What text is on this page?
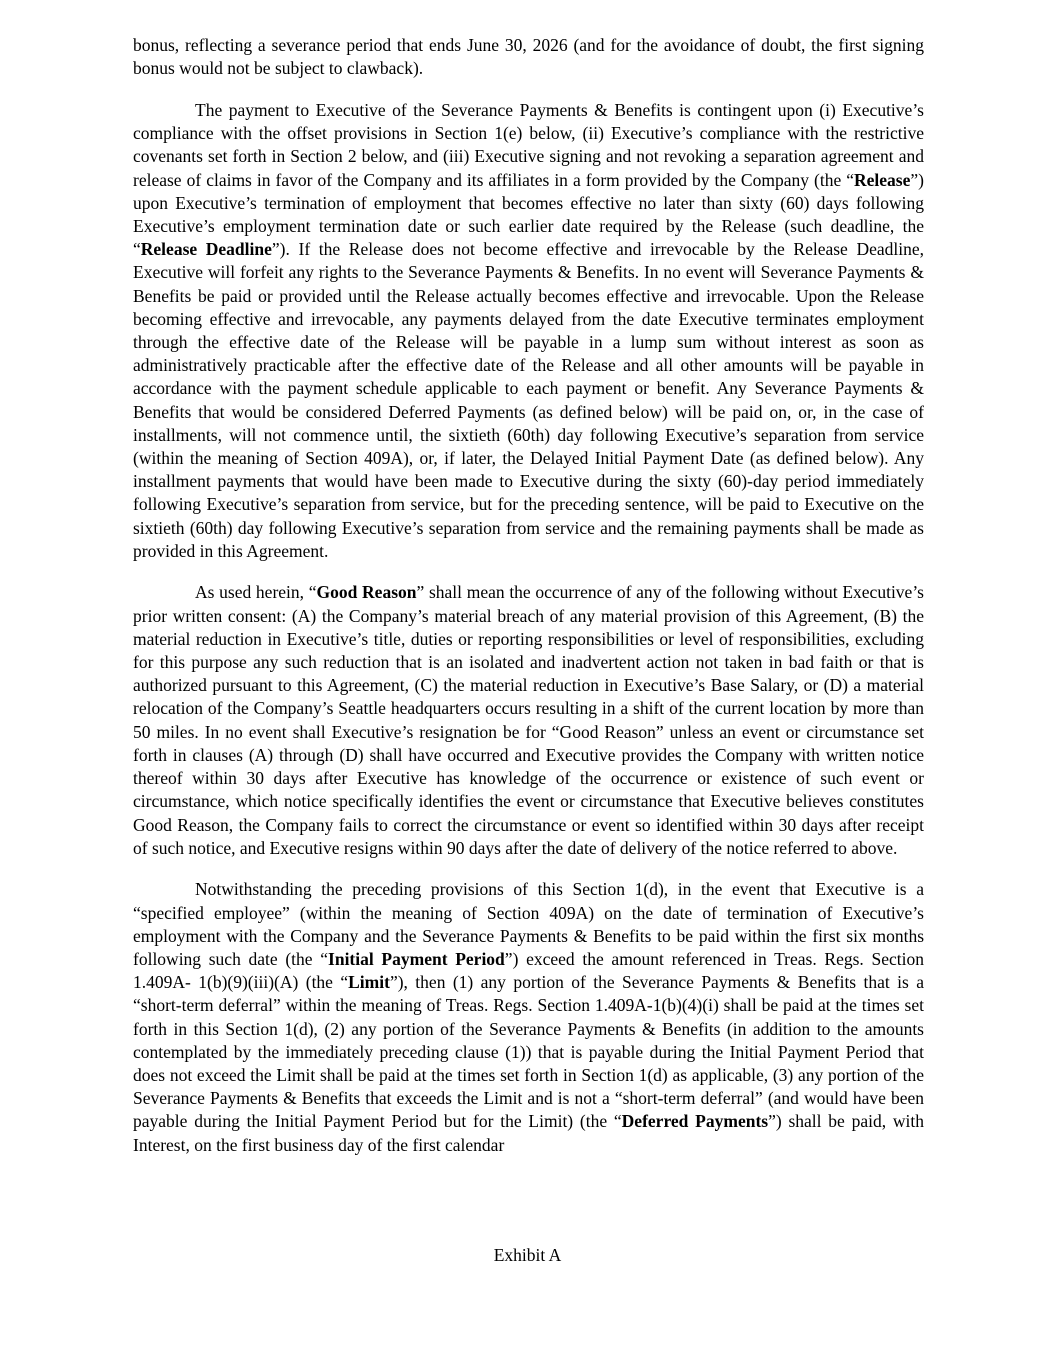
bonus, reflecting a severance period that ends June 30, 2026 (and for the avoidance of doubt, the first signing bonus would not be subject to clawback).

The payment to Executive of the Severance Payments & Benefits is contingent upon (i) Executive’s compliance with the offset provisions in Section 1(e) below, (ii) Executive’s compliance with the restrictive covenants set forth in Section 2 below, and (iii) Executive signing and not revoking a separation agreement and release of claims in favor of the Company and its affiliates in a form provided by the Company (the “Release”) upon Executive’s termination of employment that becomes effective no later than sixty (60) days following Executive’s employment termination date or such earlier date required by the Release (such deadline, the “Release Deadline”). If the Release does not become effective and irrevocable by the Release Deadline, Executive will forfeit any rights to the Severance Payments & Benefits. In no event will Severance Payments & Benefits be paid or provided until the Release actually becomes effective and irrevocable. Upon the Release becoming effective and irrevocable, any payments delayed from the date Executive terminates employment through the effective date of the Release will be payable in a lump sum without interest as soon as administratively practicable after the effective date of the Release and all other amounts will be payable in accordance with the payment schedule applicable to each payment or benefit. Any Severance Payments & Benefits that would be considered Deferred Payments (as defined below) will be paid on, or, in the case of installments, will not commence until, the sixtieth (60th) day following Executive’s separation from service (within the meaning of Section 409A), or, if later, the Delayed Initial Payment Date (as defined below). Any installment payments that would have been made to Executive during the sixty (60)-day period immediately following Executive’s separation from service, but for the preceding sentence, will be paid to Executive on the sixtieth (60th) day following Executive’s separation from service and the remaining payments shall be made as provided in this Agreement.

As used herein, “Good Reason” shall mean the occurrence of any of the following without Executive’s prior written consent: (A) the Company’s material breach of any material provision of this Agreement, (B) the material reduction in Executive’s title, duties or reporting responsibilities or level of responsibilities, excluding for this purpose any such reduction that is an isolated and inadvertent action not taken in bad faith or that is authorized pursuant to this Agreement, (C) the material reduction in Executive’s Base Salary, or (D) a material relocation of the Company’s Seattle headquarters occurs resulting in a shift of the current location by more than 50 miles. In no event shall Executive’s resignation be for “Good Reason” unless an event or circumstance set forth in clauses (A) through (D) shall have occurred and Executive provides the Company with written notice thereof within 30 days after Executive has knowledge of the occurrence or existence of such event or circumstance, which notice specifically identifies the event or circumstance that Executive believes constitutes Good Reason, the Company fails to correct the circumstance or event so identified within 30 days after receipt of such notice, and Executive resigns within 90 days after the date of delivery of the notice referred to above.

Notwithstanding the preceding provisions of this Section 1(d), in the event that Executive is a “specified employee” (within the meaning of Section 409A) on the date of termination of Executive’s employment with the Company and the Severance Payments & Benefits to be paid within the first six months following such date (the “Initial Payment Period”) exceed the amount referenced in Treas. Regs. Section 1.409A- 1(b)(9)(iii)(A) (the “Limit”), then (1) any portion of the Severance Payments & Benefits that is a “short-term deferral” within the meaning of Treas. Regs. Section 1.409A-1(b)(4)(i) shall be paid at the times set forth in this Section 1(d), (2) any portion of the Severance Payments & Benefits (in addition to the amounts contemplated by the immediately preceding clause (1)) that is payable during the Initial Payment Period that does not exceed the Limit shall be paid at the times set forth in Section 1(d) as applicable, (3) any portion of the Severance Payments & Benefits that exceeds the Limit and is not a “short-term deferral” (and would have been payable during the Initial Payment Period but for the Limit) (the “Deferred Payments”) shall be paid, with Interest, on the first business day of the first calendar

Exhibit A
